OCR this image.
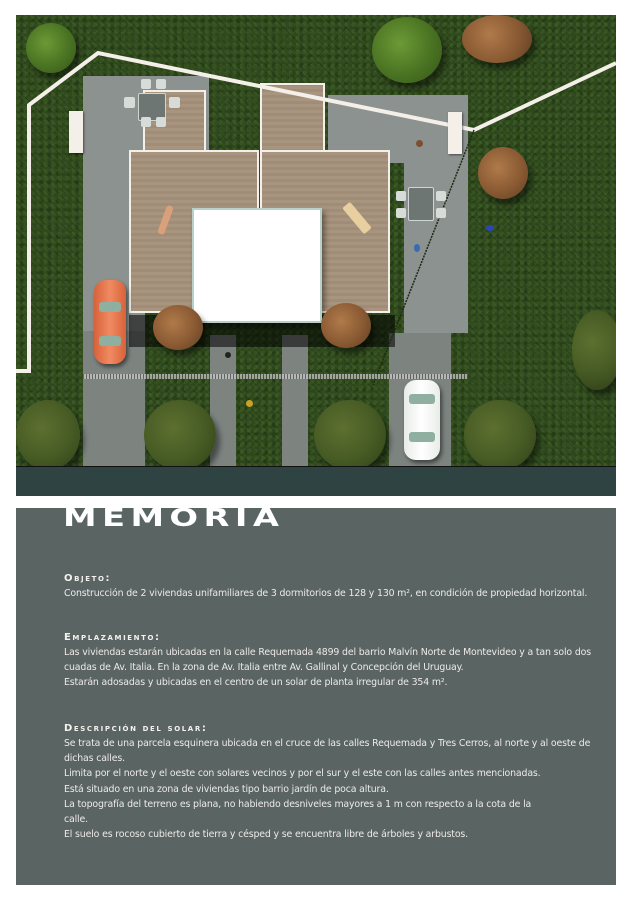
MEMORIA
Objeto:

Construcción de 2 viviendas unifamiliares de 3 dormitorios de 128 y 130 m², en condición de propiedad horizontal.

Emplazamiento:

Las viviendas estarán ubicadas en la calle Requemada 4899 del barrio Malvín Norte de Montevideo y a tan solo dos cuadas de Av. Italia. En la zona de Av. Italia entre Av. Gallinal y Concepción del Uruguay.

Estarán adosadas y ubicadas en el centro de un solar de planta irregular de 354 m².

Descripción del solar:

Se trata de una parcela esquinera ubicada en el cruce de las calles Requemada y Tres Cerros, al norte y al oeste de dichas calles.

Limita por el norte y el oeste con solares vecinos y por el sur y el este con las calles antes mencionadas.

Está situado en una zona de viviendas tipo barrio jardín de poca altura.

La topografía del terreno es plana, no habiendo desniveles mayores a 1 m con respecto a la cota de la calle.

El suelo es rocoso cubierto de tierra y césped y se encuentra libre de árboles y arbustos.
